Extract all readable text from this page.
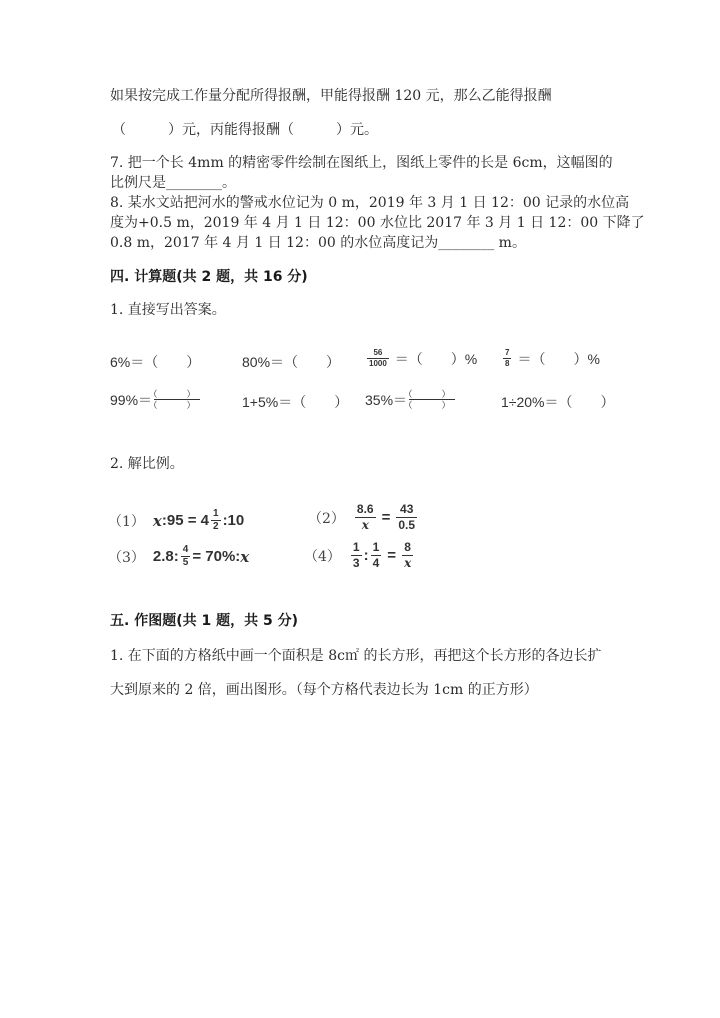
如果按完成工作量分配所得报酬，甲能得报酬 120 元，那么乙能得报酬
（　　　）元，丙能得报酬（　　　）元。
7. 把一个长 4mm 的精密零件绘制在图纸上，图纸上零件的长是 6cm，这幅图的
比例尺是________。
8. 某水文站把河水的警戒水位记为 0 m，2019 年 3 月 1 日 12：00 记录的水位高
度为+0.5 m，2019 年 4 月 1 日 12：00 水位比 2017 年 3 月 1 日 12：00 下降了
0.8 m，2017 年 4 月 1 日 12：00 的水位高度记为________ m。
四. 计算题(共 2 题，共 16 分)
1. 直接写出答案。
6%＝（　　）	80%＝（　　）	$\frac{56}{1000}$ ＝（　　）%	$\frac{7}{8}$ ＝（　　）%
$99\%= \frac{( )}{( )}$	1+5%＝（　　） $35\%= \frac{( )}{( )}$	1÷20%＝（　　）
2. 解比例。
（1） x :95 = $4 \frac{1}{2}$ :10	$(2) \frac{8.6}{x} = \frac{43}{0.5}$
（3） 2.8: $\frac{4}{5} = 70\%$: x	$(4) \frac{1}{3}$ : $\frac{1}{4} = \frac{8}{x}$
五. 作图题(共 1 题，共 5 分)
1. 在下面的方格纸中画一个面积是 8c㎡ 的长方形，再把这个长方形的各边长扩
大到原来的 2 倍，画出图形。（每个方格代表边长为 1cm 的正方形）
